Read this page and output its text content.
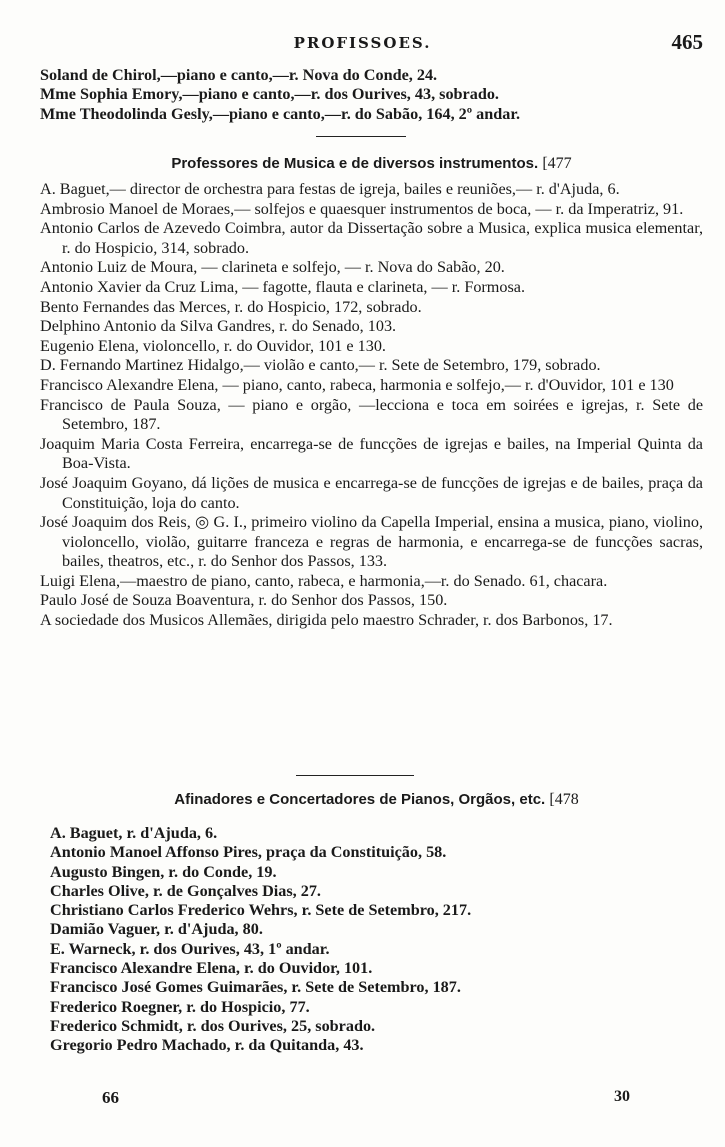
PROFISSOES.	465
Soland de Chirol,—piano e canto,—r. Nova do Conde, 24.
Mme Sophia Emory,—piano e canto,—r. dos Ourives, 43, sobrado.
Mme Theodolinda Gesly,—piano e canto,—r. do Sabão, 164, 2º andar.
Professores de Musica e de diversos instrumentos. [477
A. Baguet,— director de orchestra para festas de igreja, bailes e reuniões,— r. d'Ajuda, 6.
Ambrosio Manoel de Moraes,— solfejos e quaesquer instrumentos de boca, — r. da Imperatriz, 91.
Antonio Carlos de Azevedo Coimbra, autor da Dissertação sobre a Musica, explica musica elementar, r. do Hospicio, 314, sobrado.
Antonio Luiz de Moura, — clarineta e solfejo, — r. Nova do Sabão, 20.
Antonio Xavier da Cruz Lima, — fagotte, flauta e clarineta, — r. Formosa.
Bento Fernandes das Merces, r. do Hospicio, 172, sobrado.
Delphino Antonio da Silva Gandres, r. do Senado, 103.
Eugenio Elena, violoncello, r. do Ouvidor, 101 e 130.
D. Fernando Martinez Hidalgo,— violão e canto,— r. Sete de Setembro, 179, sobrado.
Francisco Alexandre Elena, — piano, canto, rabeca, harmonia e solfejo,— r. d'Ouvidor, 101 e 130
Francisco de Paula Souza, — piano e orgão, —lecciona e toca em soirées e igrejas, r. Sete de Setembro, 187.
Joaquim Maria Costa Ferreira, encarrega-se de funcções de igrejas e bailes, na Imperial Quinta da Boa-Vista.
José Joaquim Goyano, dá lições de musica e encarrega-se de funcções de igrejas e de bailes, praça da Constituição, loja do canto.
José Joaquim dos Reis, ◎ G. I., primeiro violino da Capella Imperial, ensina a musica, piano, violino, violoncello, violão, guitarre franceza e regras de harmonia, e encarrega-se de funcções sacras, bailes, theatros, etc., r. do Senhor dos Passos, 133.
Luigi Elena,—maestro de piano, canto, rabeca, e harmonia,—r. do Senado. 61, chacara.
Paulo José de Souza Boaventura, r. do Senhor dos Passos, 150.
A sociedade dos Musicos Allemães, dirigida pelo maestro Schrader, r. dos Barbonos, 17.
Afinadores e Concertadores de Pianos, Orgãos, etc. [478
A. Baguet, r. d'Ajuda, 6.
Antonio Manoel Affonso Pires, praça da Constituição, 58.
Augusto Bingen, r. do Conde, 19.
Charles Olive, r. de Gonçalves Dias, 27.
Christiano Carlos Frederico Wehrs, r. Sete de Setembro, 217.
Damião Vaguer, r. d'Ajuda, 80.
E. Warneck, r. dos Ourives, 43, 1º andar.
Francisco Alexandre Elena, r. do Ouvidor, 101.
Francisco José Gomes Guimarães, r. Sete de Setembro, 187.
Frederico Roegner, r. do Hospicio, 77.
Frederico Schmidt, r. dos Ourives, 25, sobrado.
Gregorio Pedro Machado, r. da Quitanda, 43.
66	30
